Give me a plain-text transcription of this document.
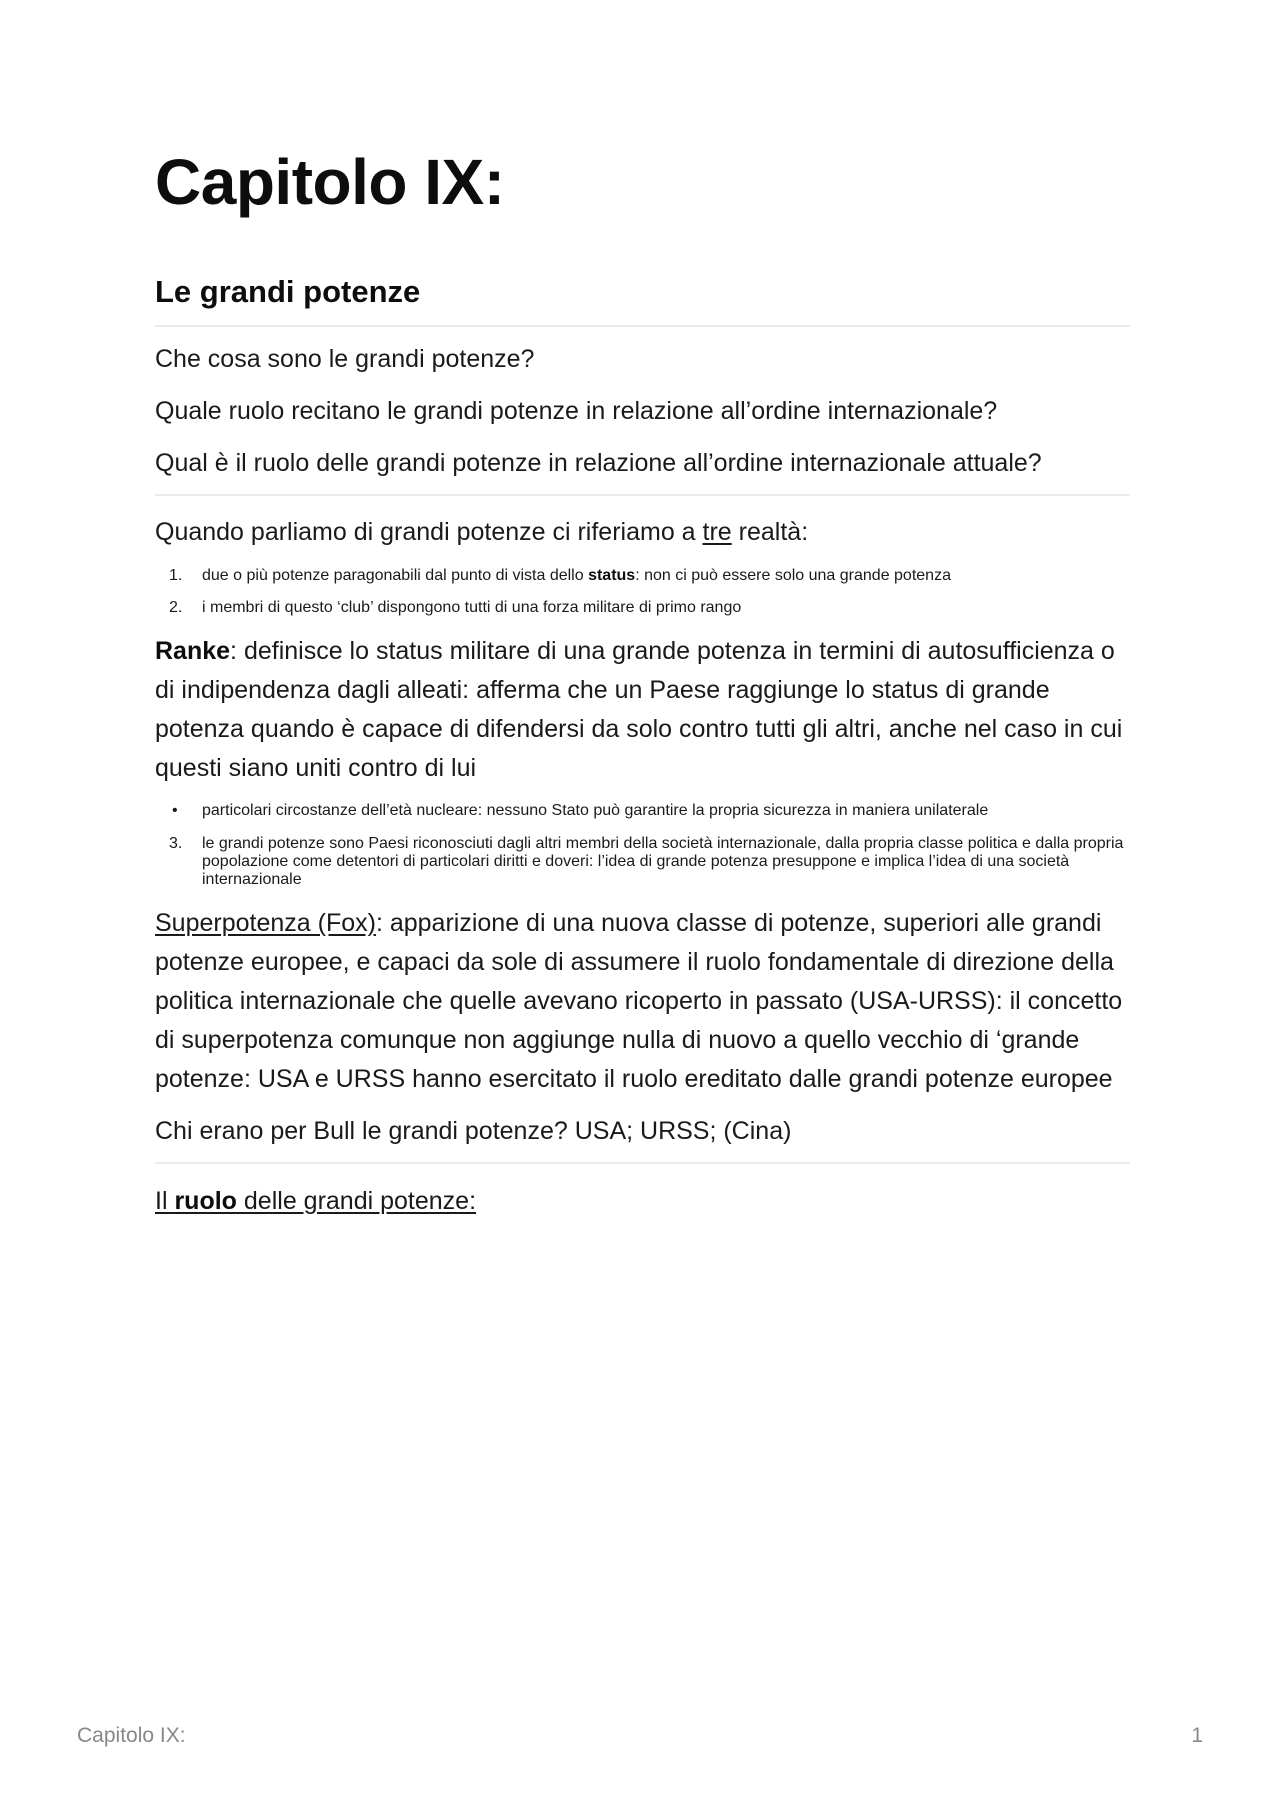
Capitolo IX:
Le grandi potenze

Che cosa sono le grandi potenze?

Quale ruolo recitano le grandi potenze in relazione all’ordine internazionale?

Qual è il ruolo delle grandi potenze in relazione all’ordine internazionale attuale?

Quando parliamo di grandi potenze ci riferiamo a tre realtà:

1.	due o più potenze paragonabili dal punto di vista dello status: non ci può essere solo una grande potenza
2.	i membri di questo ‘club’ dispongono tutti di una forza militare di primo rango

Ranke: definisce lo status militare di una grande potenza in termini di autosufficienza o di indipendenza dagli alleati: afferma che un Paese raggiunge lo status di grande potenza quando è capace di difendersi da solo contro tutti gli altri, anche nel caso in cui questi siano uniti contro di lui

•	particolari circostanze dell’età nucleare: nessuno Stato può garantire la propria sicurezza in maniera unilaterale
3.	le grandi potenze sono Paesi riconosciuti dagli altri membri della società internazionale, dalla propria classe politica e dalla propria popolazione come detentori di particolari diritti e doveri: l’idea di grande potenza presuppone e implica l’idea di una società internazionale

Superpotenza (Fox): apparizione di una nuova classe di potenze, superiori alle grandi potenze europee, e capaci da sole di assumere il ruolo fondamentale di direzione della politica internazionale che quelle avevano ricoperto in passato (USA-URSS): il concetto di superpotenza comunque non aggiunge nulla di nuovo a quello vecchio di ‘grande potenze: USA e URSS hanno esercitato il ruolo ereditato dalle grandi potenze europee

Chi erano per Bull le grandi potenze? USA; URSS; (Cina)

Il ruolo delle grandi potenze:

Capitolo IX:	1
